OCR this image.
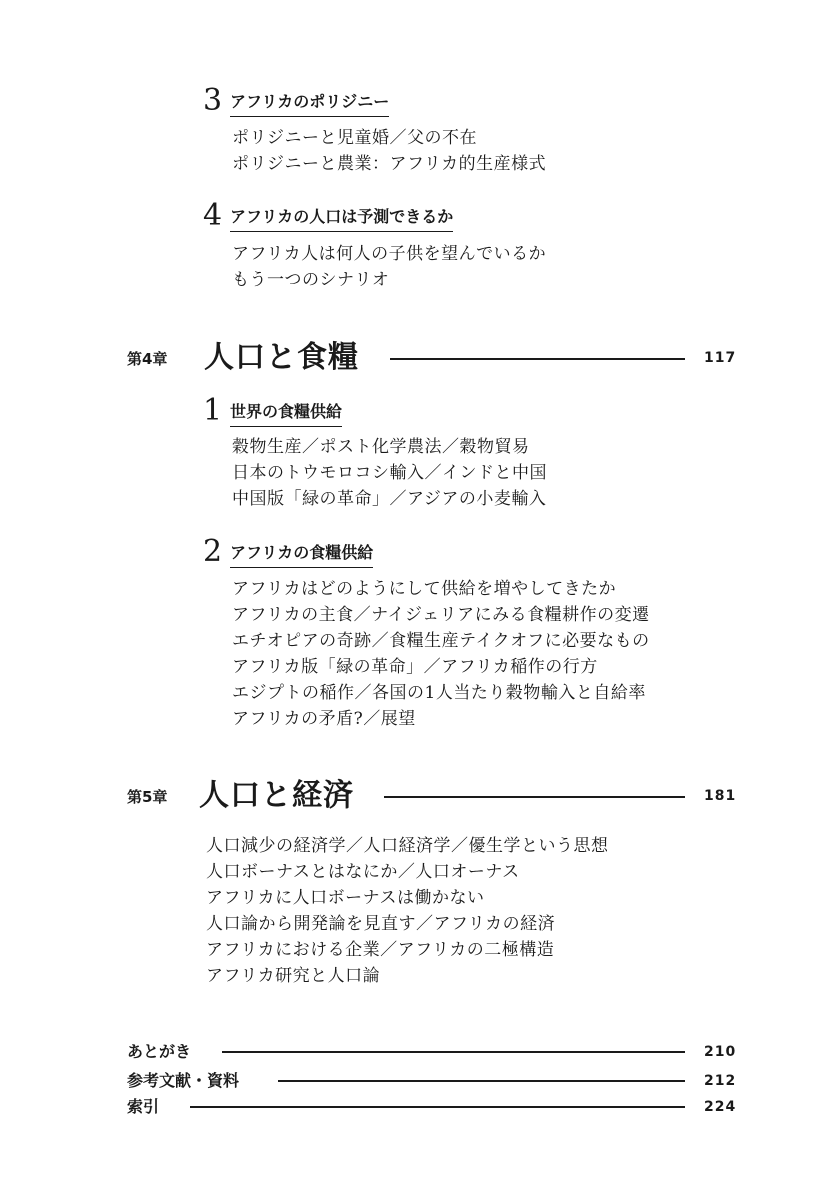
3 アフリカのポリジニー
ポリジニーと児童婚／父の不在
ポリジニーと農業：アフリカ的生産様式
4 アフリカの人口は予測できるか
アフリカ人は何人の子供を望んでいるか
もう一つのシナリオ
第4章 人口と食糧	117
1 世界の食糧供給
穀物生産／ポスト化学農法／穀物貿易
日本のトウモロコシ輸入／インドと中国
中国版「緑の革命」／アジアの小麦輸入
2 アフリカの食糧供給
アフリカはどのようにして供給を増やしてきたか
アフリカの主食／ナイジェリアにみる食糧耕作の変遷
エチオピアの奇跡／食糧生産テイクオフに必要なもの
アフリカ版「緑の革命」／アフリカ稲作の行方
エジプトの稲作／各国の1人当たり穀物輸入と自給率
アフリカの矛盾?／展望
第5章 人口と経済	181
人口減少の経済学／人口経済学／優生学という思想
人口ボーナスとはなにか／人口オーナス
アフリカに人口ボーナスは働かない
人口論から開発論を見直す／アフリカの経済
アフリカにおける企業／アフリカの二極構造
アフリカ研究と人口論
あとがき	210
参考文献・資料	212
索引	224
